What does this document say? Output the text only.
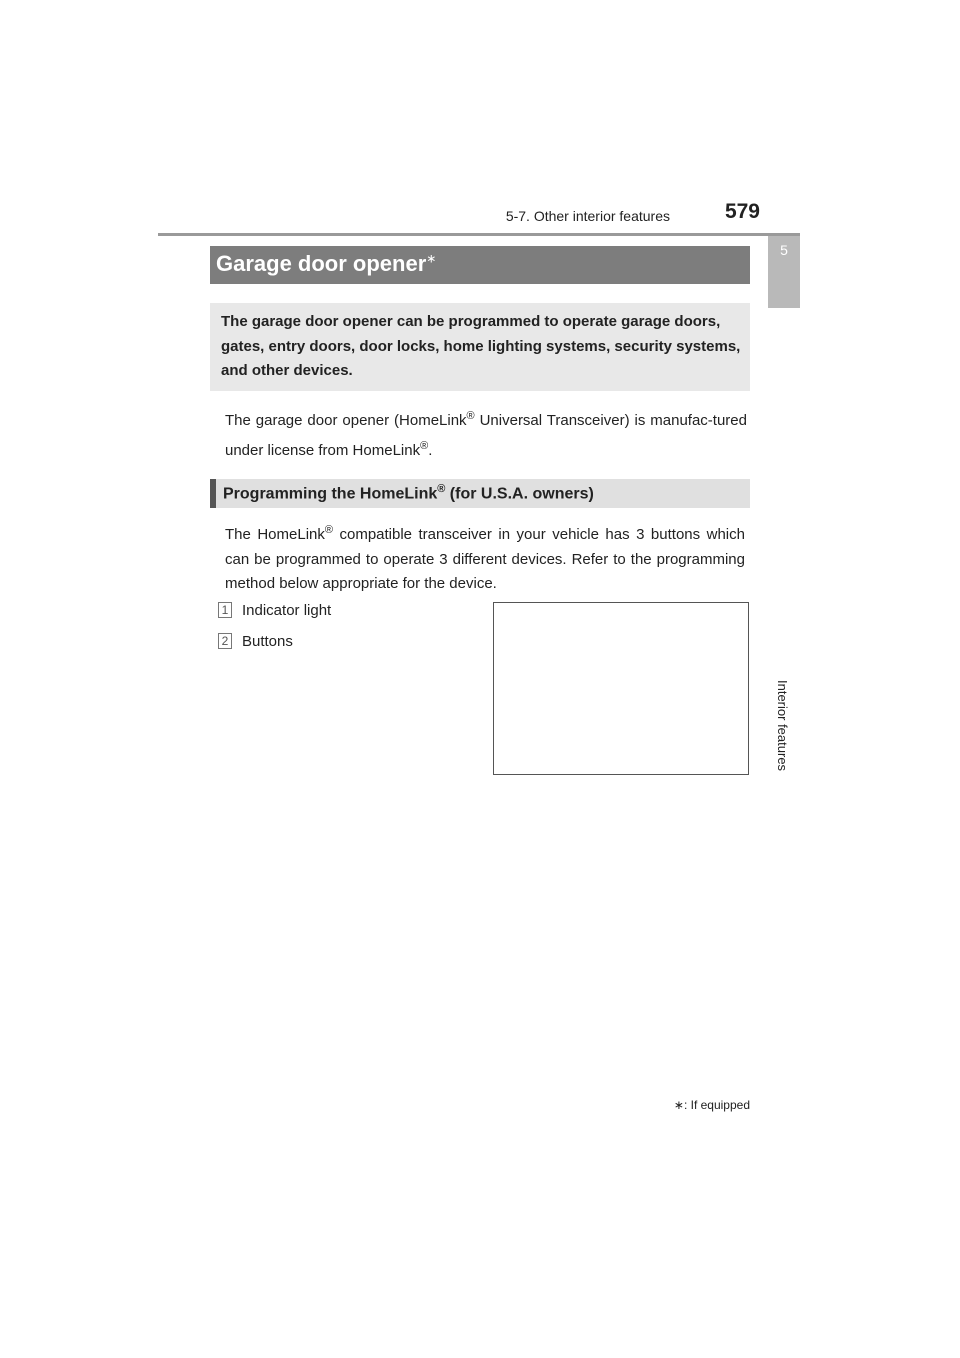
5-7. Other interior features	579
5
Interior features
Garage door opener∗
The garage door opener can be programmed to operate garage doors, gates, entry doors, door locks, home lighting systems, security systems, and other devices.
The garage door opener (HomeLink® Universal Transceiver) is manufac-tured under license from HomeLink®.
Programming the HomeLink® (for U.S.A. owners)
The HomeLink® compatible transceiver in your vehicle has 3 buttons which can be programmed to operate 3 different devices. Refer to the programming method below appropriate for the device.
1 Indicator light
2 Buttons
∗: If equipped
